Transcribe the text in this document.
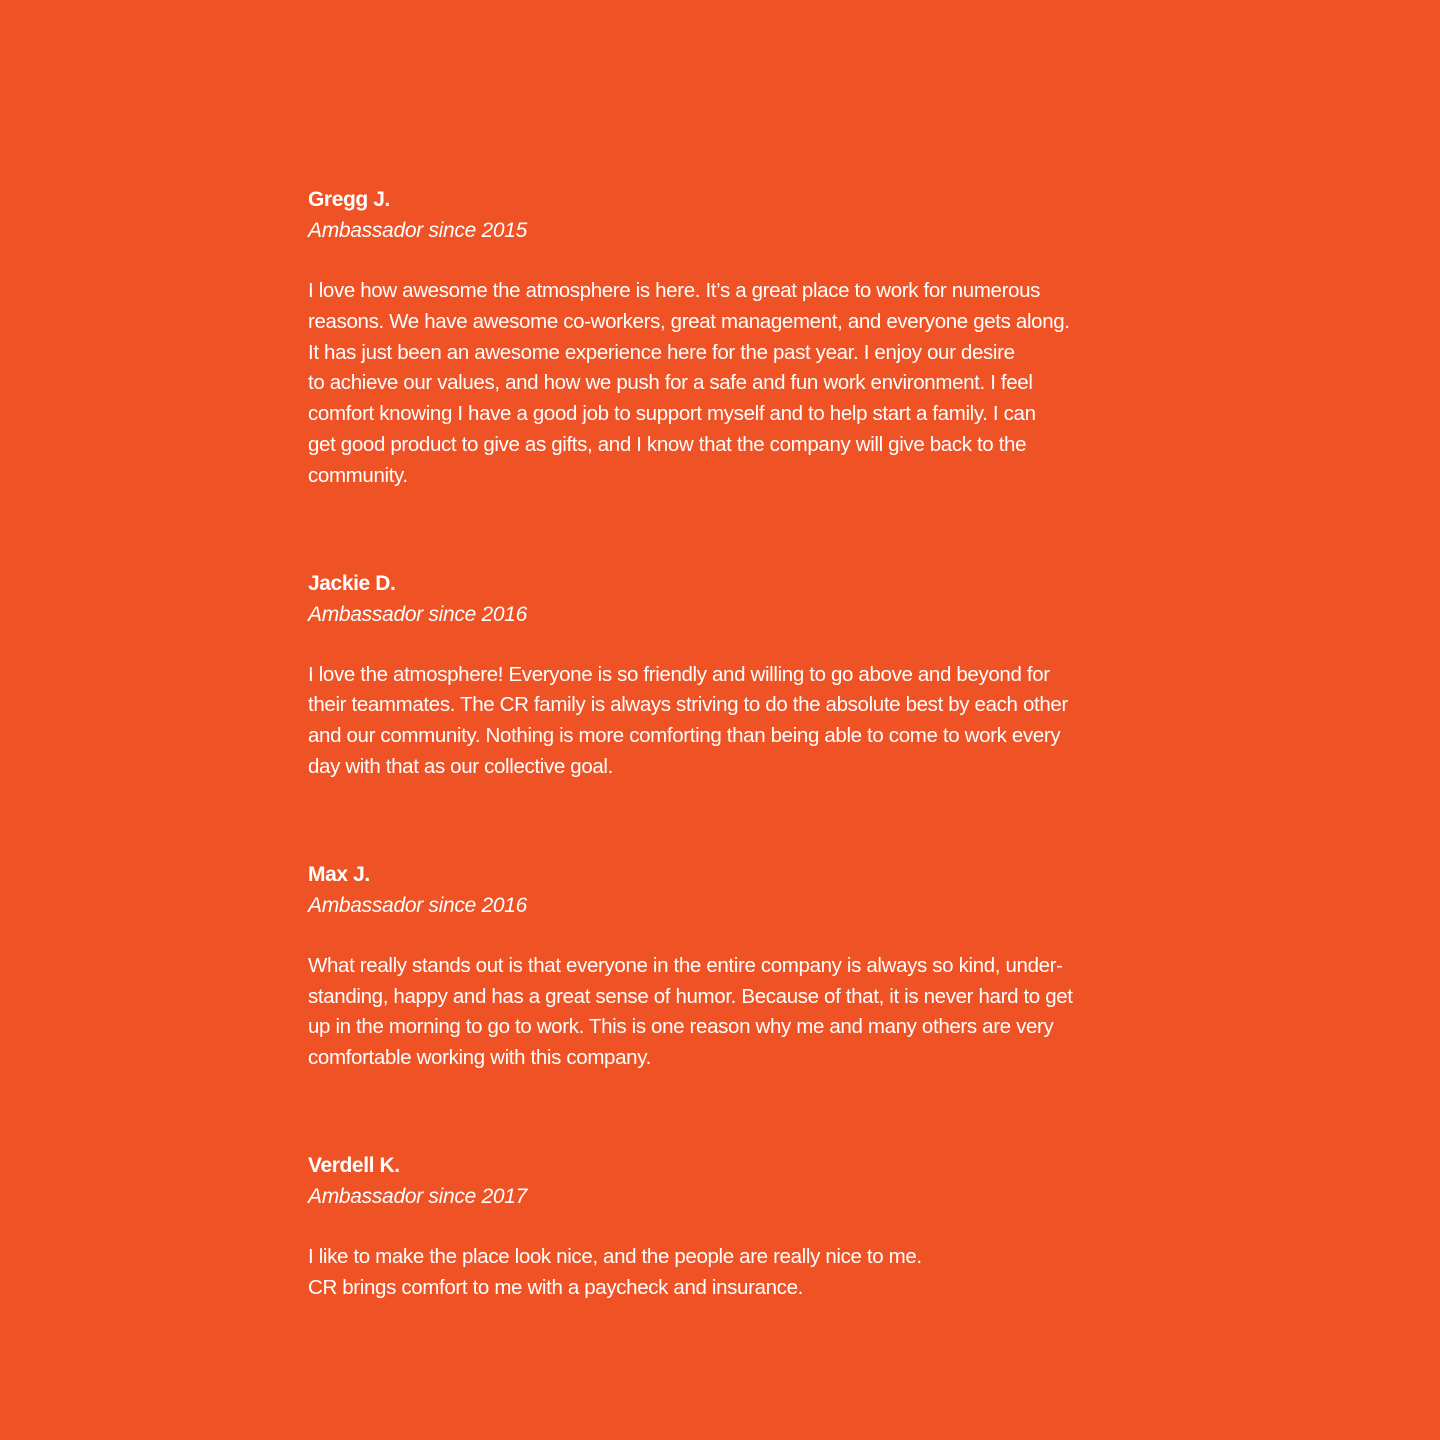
Gregg J.

Ambassador since 2015

I love how awesome the atmosphere is here. It’s a great place to work for numerous
reasons. We have awesome co-workers, great management, and everyone gets along.
It has just been an awesome experience here for the past year. I enjoy our desire
to achieve our values, and how we push for a safe and fun work environment. I feel
comfort knowing I have a good job to support myself and to help start a family. I can
get good product to give as gifts, and I know that the company will give back to the
community.

Jackie D.

Ambassador since 2016

I love the atmosphere! Everyone is so friendly and willing to go above and beyond for
their teammates. The CR family is always striving to do the absolute best by each other
and our community. Nothing is more comforting than being able to come to work every
day with that as our collective goal.

Max J.

Ambassador since 2016

What really stands out is that everyone in the entire company is always so kind, under-
standing, happy and has a great sense of humor. Because of that, it is never hard to get
up in the morning to go to work. This is one reason why me and many others are very
comfortable working with this company.

Verdell K.

Ambassador since 2017

I like to make the place look nice, and the people are really nice to me.
CR brings comfort to me with a paycheck and insurance.
